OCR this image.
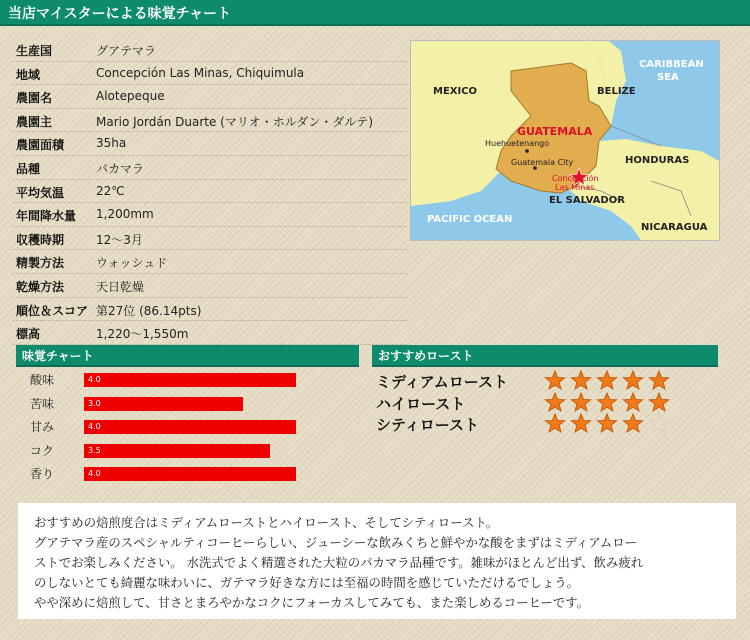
当店マイスターによる味覚チャート
生産国	グアテマラ
地域	Concepción Las Minas, Chiquimula
農園名	Alotepeque
農園主	Mario Jordán Duarte (マリオ・ホルダン・ダルテ)
農園面積	35ha
品種	パカマラ
平均気温	22℃
年間降水量 1,200mm
収穫時期	12～3月
精製方法	ウォッシュド
乾燥方法	天日乾燥
順位＆スコア 第27位 (86.14pts)
標高	1,220～1,550m
MEXICO	BELIZE
CARIBBEAN
SEA
GUATEMALA
Huehuetenango
Guatemala City
Concepción
Las Minas
HONDURAS
EL SALVADOR
PACIFIC OCEAN
NICARAGUA
味覚チャート
酸味	4.0
苦味	3.0
甘み	4.0
コク	3.5
香り	4.0
おすすめロースト
ミディアムロースト
ハイロースト
シティロースト

おすすめの焙煎度合はミディアムローストとハイロースト、そしてシティロースト。

グアテマラ産のスペシャルティコーヒーらしい、ジューシーな飲みくちと鮮やかな酸をまずはミディアムロー

ストでお楽しみください。 水洗式でよく精選された大粒のパカマラ品種です。雑味がほとんど出ず、飲み疲れ

のしないとても綺麗な味わいに、ガテマラ好きな方には至福の時間を感じていただけるでしょう。

やや深めに焙煎して、甘さとまろやかなコクにフォーカスしてみても、また楽しめるコーヒーです。
